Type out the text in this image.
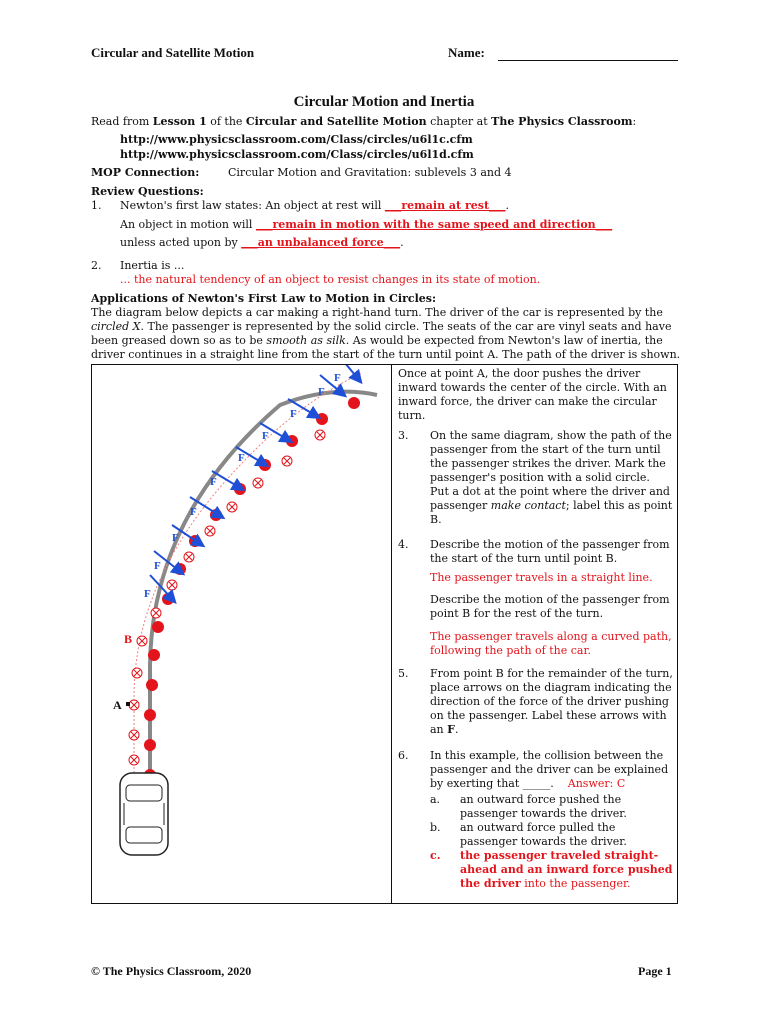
Circular and Satellite Motion	Name:
Circular Motion and Inertia
Read from Lesson 1 of the Circular and Satellite Motion chapter at The Physics Classroom:
http://www.physicsclassroom.com/Class/circles/u6l1c.cfm
http://www.physicsclassroom.com/Class/circles/u6l1d.cfm
MOP Connection:	Circular Motion and Gravitation: sublevels 3 and 4
Review Questions:
1. Newton's first law states: An object at rest will ___remain at rest___.
An object in motion will ___remain in motion with the same speed and direction___
unless acted upon by ___an unbalanced force___.
2. Inertia is ...
... the natural tendency of an object to resist changes in its state of motion.
Applications of Newton's First Law to Motion in Circles:
The diagram below depicts a car making a right-hand turn. The driver of the car is represented by the
circled X. The passenger is represented by the solid circle. The seats of the car are vinyl seats and have
been greased down so as to be smooth as silk. As would be expected from Newton's law of inertia, the
driver continues in a straight line from the start of the turn until point A. The path of the driver is shown.
F
F
F
F
F
F
F
F
F
F
B
A
Once at point A, the door pushes the driver
inward towards the center of the circle. With an
inward force, the driver can make the circular
turn.
3. On the same diagram, show the path of the
passenger from the start of the turn until
the passenger strikes the driver. Mark the
passenger's position with a solid circle.
Put a dot at the point where the driver and
passenger make contact; label this as point
B.
4. Describe the motion of the passenger from
the start of the turn until point B.
The passenger travels in a straight line.
Describe the motion of the passenger from
point B for the rest of the turn.
The passenger travels along a curved path,
following the path of the car.
5. From point B for the remainder of the turn,
place arrows on the diagram indicating the
direction of the force of the driver pushing
on the passenger. Label these arrows with
an F.
6. In this example, the collision between the
passenger and the driver can be explained
by exerting that _____. Answer: C
a. an outward force pushed the
passenger towards the driver.
b. an outward force pulled the
passenger towards the driver.
c. the passenger traveled straight-
ahead and an inward force pushed
the driver into the passenger.
© The Physics Classroom, 2020	Page 1
